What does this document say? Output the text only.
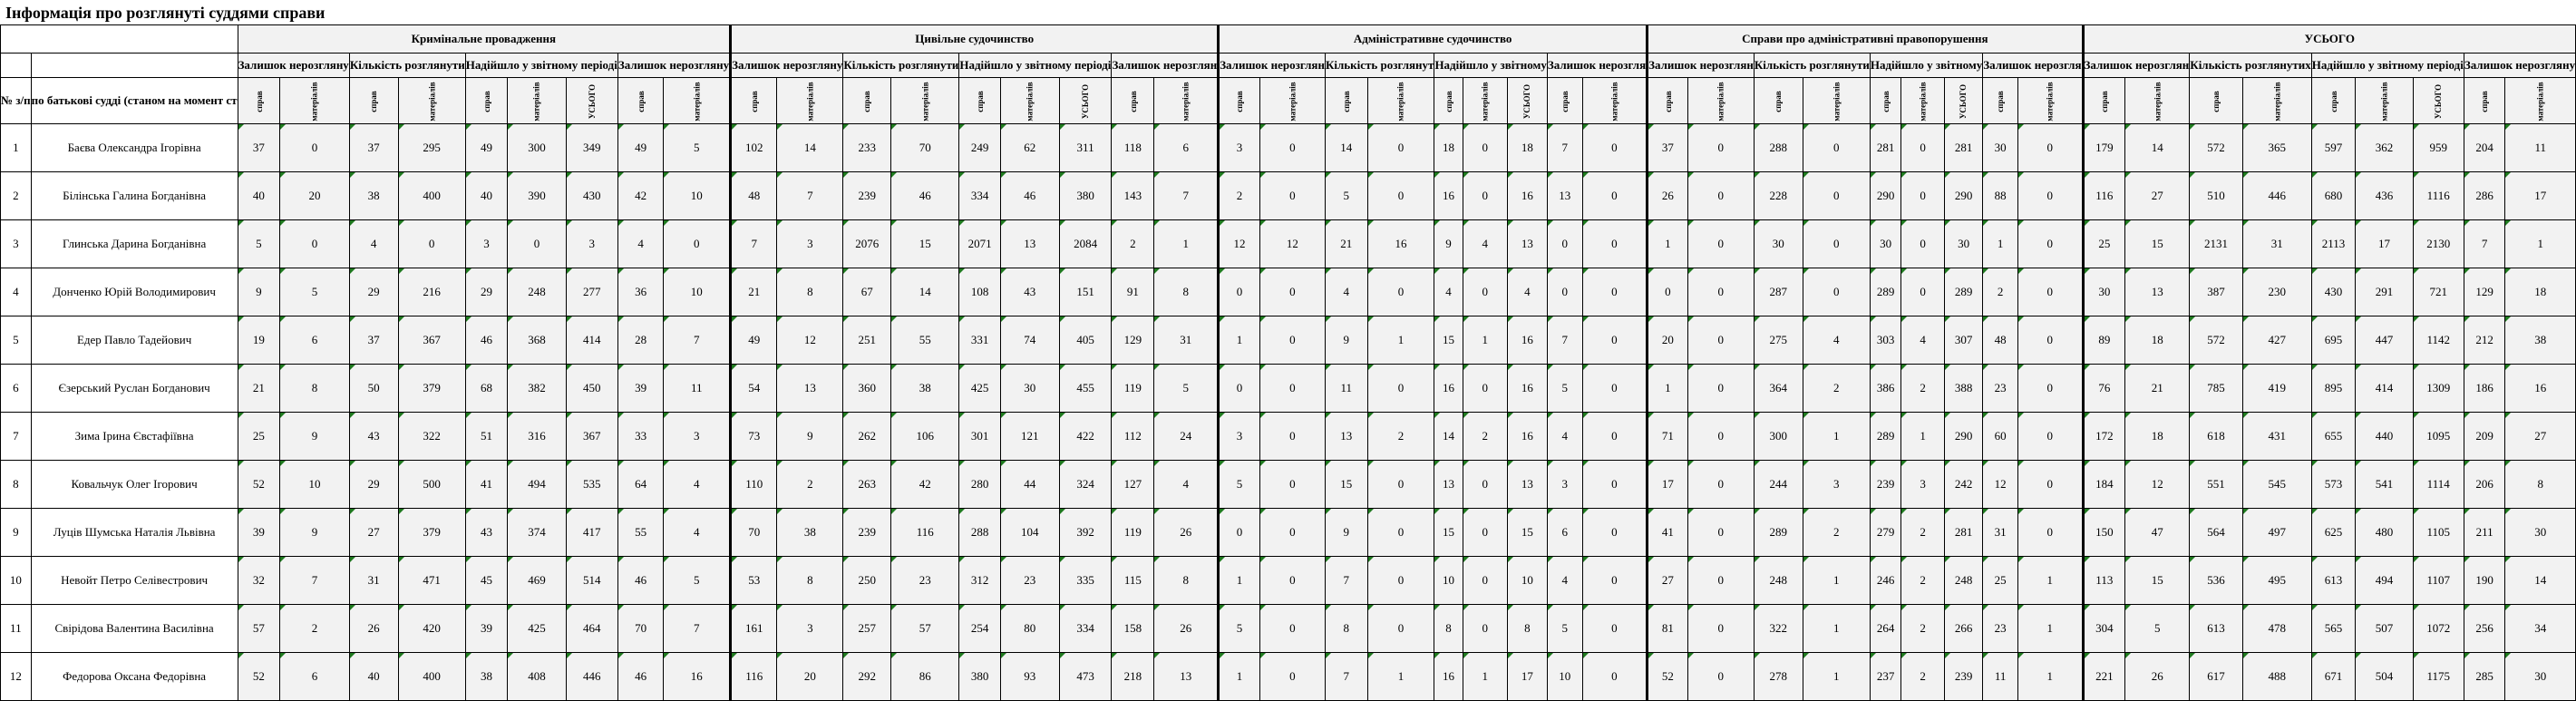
Інформація про розглянуті суддями справи
		Кримінальне провадження									Цивільне судочинство									Адміністративне судочинство									Справи про адміністративні правопорушення									УСЬОГО								
		Залишок нерозгляну		Кількість розглянути		Надійшло у звітному періоді			Залишок нерозгляну		Залишок нерозгляну		Кількість розглянути		Надійшло у звітному періоді			Залишок нерозглян		Залишок нерозглян		Кількість розглянут		Надійшло у звітному			Залишок нерозгля		Залишок нерозглян		Кількість розглянути		Надійшло у звітному			Залишок нерозгля		Залишок нерозглян		Кількість розглянутих		Надійшло у звітному періоді			Залишок нерозгляну	
№ з/п	по батькові судді (станом на момент ст	справ	матеріалів	справ	матеріалів	справ	матеріалів	УСЬОГО	справ	матеріалів	справ	матеріалів	справ	матеріалів	справ	матеріалів	УСЬОГО	справ	матеріалів	справ	матеріалів	справ	матеріалів	справ	матеріалів	УСЬОГО	справ	матеріалів	справ	матеріалів	справ	матеріалів	справ	матеріалів	УСЬОГО	справ	матеріалів	справ	матеріалів	справ	матеріалів	справ	матеріалів	УСЬОГО	справ	матеріалів
1	Баєва Олександра Ігорівна	37	0	37	295	49	300	349	49	5	102	14	233	70	249	62	311	118	6	3	0	14	0	18	0	18	7	0	37	0	288	0	281	0	281	30	0	179	14	572	365	597	362	959	204	11
2	Білінська Галина Богданівна	40	20	38	400	40	390	430	42	10	48	7	239	46	334	46	380	143	7	2	0	5	0	16	0	16	13	0	26	0	228	0	290	0	290	88	0	116	27	510	446	680	436	1116	286	17
3	Глинська Дарина Богданівна	5	0	4	0	3	0	3	4	0	7	3	2076	15	2071	13	2084	2	1	12	12	21	16	9	4	13	0	0	1	0	30	0	30	0	30	1	0	25	15	2131	31	2113	17	2130	7	1
4	Донченко Юрій Володимирович	9	5	29	216	29	248	277	36	10	21	8	67	14	108	43	151	91	8	0	0	4	0	4	0	4	0	0	0	0	287	0	289	0	289	2	0	30	13	387	230	430	291	721	129	18
5	Едер Павло Тадейович	19	6	37	367	46	368	414	28	7	49	12	251	55	331	74	405	129	31	1	0	9	1	15	1	16	7	0	20	0	275	4	303	4	307	48	0	89	18	572	427	695	447	1142	212	38
6	Єзерський Руслан Богданович	21	8	50	379	68	382	450	39	11	54	13	360	38	425	30	455	119	5	0	0	11	0	16	0	16	5	0	1	0	364	2	386	2	388	23	0	76	21	785	419	895	414	1309	186	16
7	Зима Ірина Євстафіївна	25	9	43	322	51	316	367	33	3	73	9	262	106	301	121	422	112	24	3	0	13	2	14	2	16	4	0	71	0	300	1	289	1	290	60	0	172	18	618	431	655	440	1095	209	27
8	Ковальчук Олег Ігорович	52	10	29	500	41	494	535	64	4	110	2	263	42	280	44	324	127	4	5	0	15	0	13	0	13	3	0	17	0	244	3	239	3	242	12	0	184	12	551	545	573	541	1114	206	8
9	Луців Шумська Наталія Львівна	39	9	27	379	43	374	417	55	4	70	38	239	116	288	104	392	119	26	0	0	9	0	15	0	15	6	0	41	0	289	2	279	2	281	31	0	150	47	564	497	625	480	1105	211	30
10	Невойт Петро Селівестрович	32	7	31	471	45	469	514	46	5	53	8	250	23	312	23	335	115	8	1	0	7	0	10	0	10	4	0	27	0	248	1	246	2	248	25	1	113	15	536	495	613	494	1107	190	14
11	Свірідова Валентина Василівна	57	2	26	420	39	425	464	70	7	161	3	257	57	254	80	334	158	26	5	0	8	0	8	0	8	5	0	81	0	322	1	264	2	266	23	1	304	5	613	478	565	507	1072	256	34
12	Федорова Оксана Федорівна	52	6	40	400	38	408	446	46	16	116	20	292	86	380	93	473	218	13	1	0	7	1	16	1	17	10	0	52	0	278	1	237	2	239	11	1	221	26	617	488	671	504	1175	285	30
